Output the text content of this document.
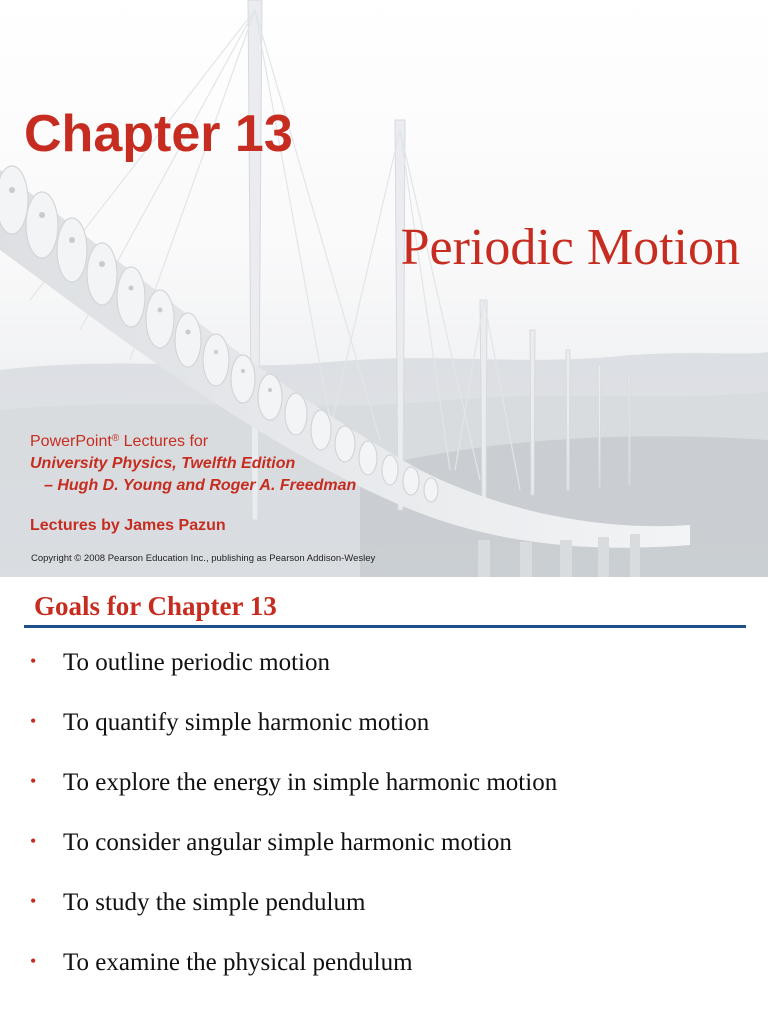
Chapter 13
Periodic Motion
PowerPoint® Lectures for
University Physics, Twelfth Edition
– Hugh D. Young and Roger A. Freedman
Lectures by James Pazun
Copyright © 2008 Pearson Education Inc., publishing as Pearson Addison-Wesley
Goals for Chapter 13
• To outline periodic motion
• To quantify simple harmonic motion
• To explore the energy in simple harmonic motion
• To consider angular simple harmonic motion
• To study the simple pendulum
• To examine the physical pendulum
